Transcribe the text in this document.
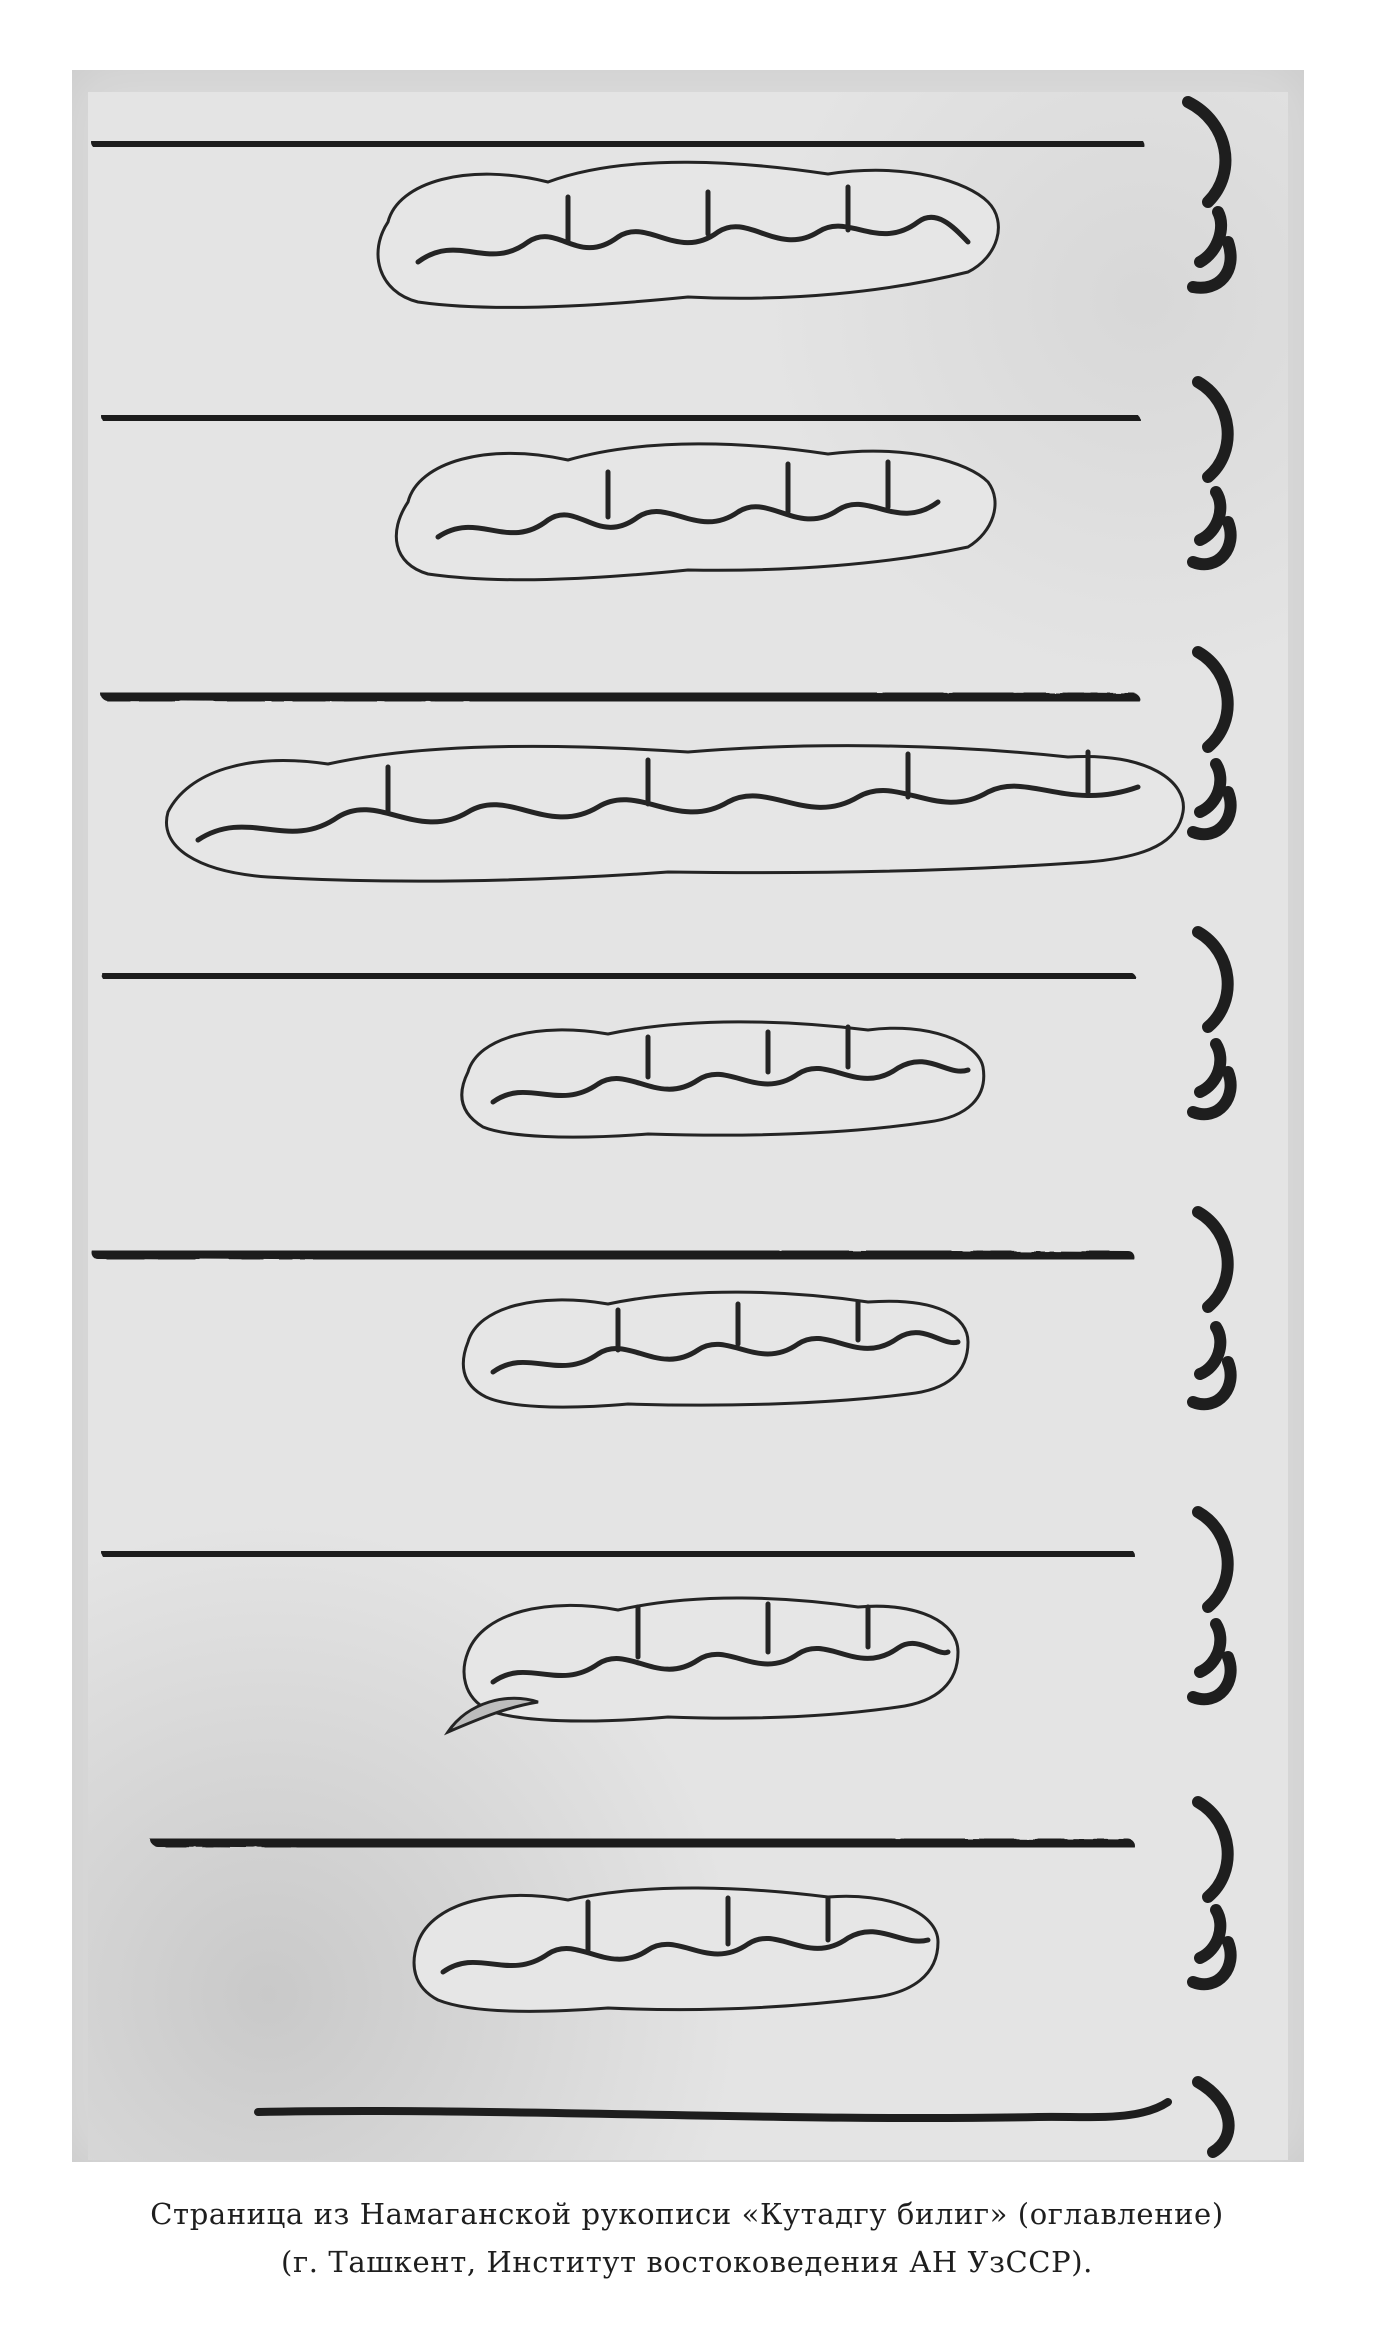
Страница из Намаганской рукописи «Кутадгу билиг» (оглавление)
(г. Ташкент, Институт востоковедения АН УзССР).
